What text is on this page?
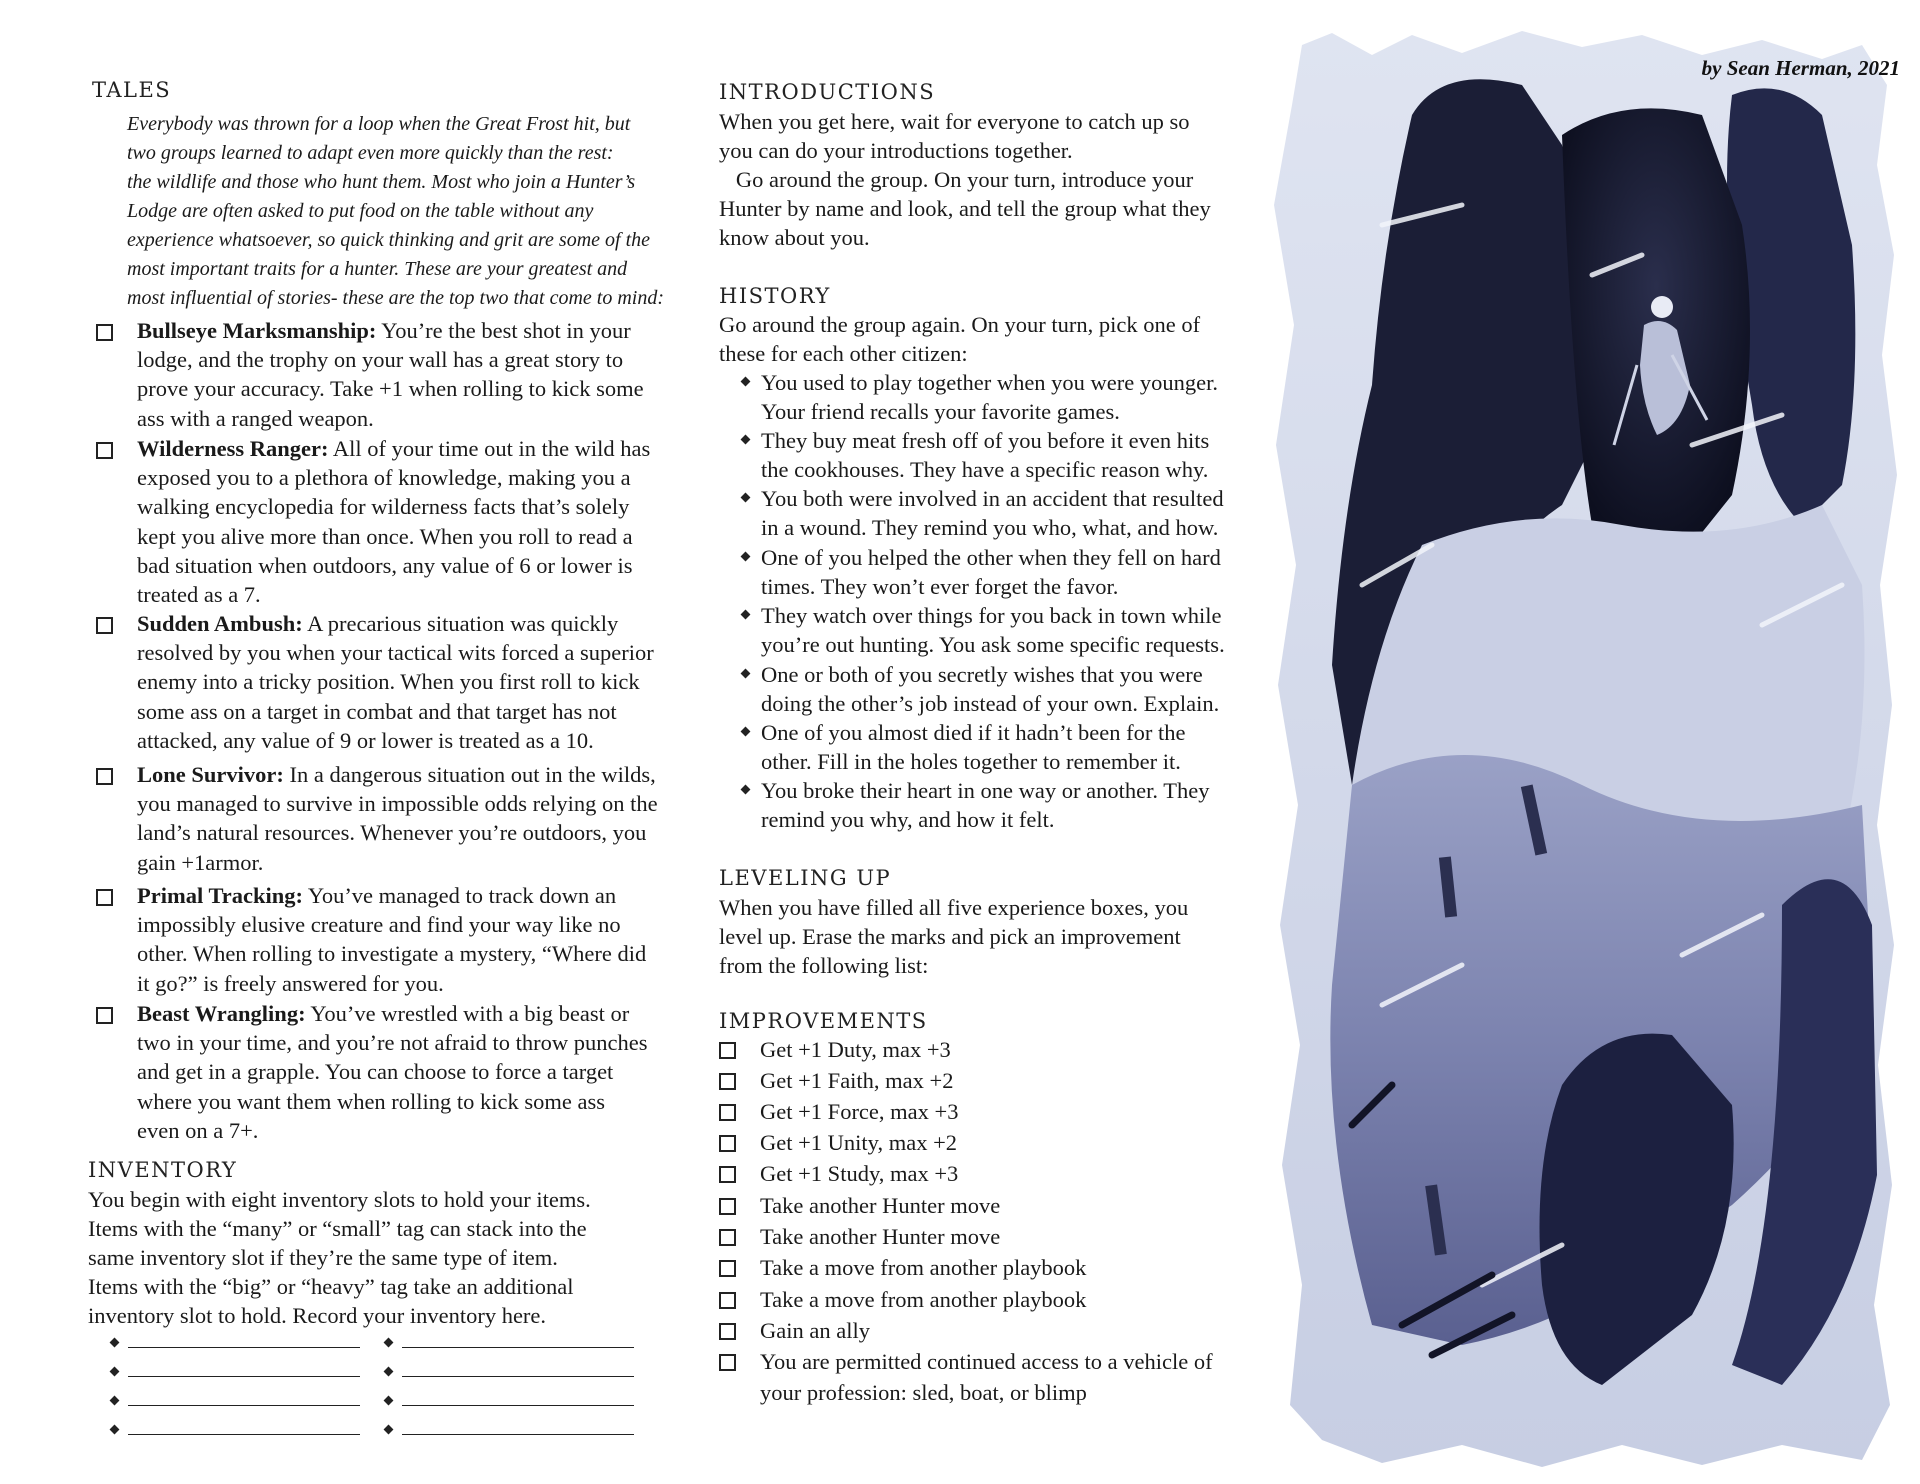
TALES
Everybody was thrown for a loop when the Great Frost hit, but
two groups learned to adapt even more quickly than the rest:
the wildlife and those who hunt them. Most who join a Hunter’s
Lodge are often asked to put food on the table without any
experience whatsoever, so quick thinking and grit are some of the
most important traits for a hunter. These are your greatest and
most influential of stories- these are the top two that come to mind:
Bullseye Marksmanship: You’re the best shot in your
lodge, and the trophy on your wall has a great story to
prove your accuracy. Take +1 when rolling to kick some
ass with a ranged weapon.
Wilderness Ranger: All of your time out in the wild has
exposed you to a plethora of knowledge, making you a
walking encyclopedia for wilderness facts that’s solely
kept you alive more than once. When you roll to read a
bad situation when outdoors, any value of 6 or lower is
treated as a 7.
Sudden Ambush: A precarious situation was quickly
resolved by you when your tactical wits forced a superior
enemy into a tricky position. When you first roll to kick
some ass on a target in combat and that target has not
attacked, any value of 9 or lower is treated as a 10.
Lone Survivor: In a dangerous situation out in the wilds,
you managed to survive in impossible odds relying on the
land’s natural resources. Whenever you’re outdoors, you
gain +1armor.
Primal Tracking: You’ve managed to track down an
impossibly elusive creature and find your way like no
other. When rolling to investigate a mystery, “Where did
it go?” is freely answered for you.
Beast Wrangling: You’ve wrestled with a big beast or
two in your time, and you’re not afraid to throw punches
and get in a grapple. You can choose to force a target
where you want them when rolling to kick some ass
even on a 7+.
INVENTORY
You begin with eight inventory slots to hold your items.
Items with the “many” or “small” tag can stack into the
same inventory slot if they’re the same type of item.
Items with the “big” or “heavy” tag take an additional
inventory slot to hold. Record your inventory here.
INTRODUCTIONS
When you get here, wait for everyone to catch up so
you can do your introductions together.
Go around the group. On your turn, introduce your
Hunter by name and look, and tell the group what they
know about you.
HISTORY
Go around the group again. On your turn, pick one of
these for each other citizen:
You used to play together when you were younger.
Your friend recalls your favorite games.
They buy meat fresh off of you before it even hits
the cookhouses. They have a specific reason why.
You both were involved in an accident that resulted
in a wound. They remind you who, what, and how.
One of you helped the other when they fell on hard
times. They won’t ever forget the favor.
They watch over things for you back in town while
you’re out hunting. You ask some specific requests.
One or both of you secretly wishes that you were
doing the other’s job instead of your own. Explain.
One of you almost died if it hadn’t been for the
other. Fill in the holes together to remember it.
You broke their heart in one way or another. They
remind you why, and how it felt.
LEVELING UP
When you have filled all five experience boxes, you
level up. Erase the marks and pick an improvement
from the following list:
IMPROVEMENTS
Get +1 Duty, max +3
Get +1 Faith, max +2
Get +1 Force, max +3
Get +1 Unity, max +2
Get +1 Study, max +3
Take another Hunter move
Take another Hunter move
Take a move from another playbook
Take a move from another playbook
Gain an ally
You are permitted continued access to a vehicle of
your profession: sled, boat, or blimp
by Sean Herman, 2021
